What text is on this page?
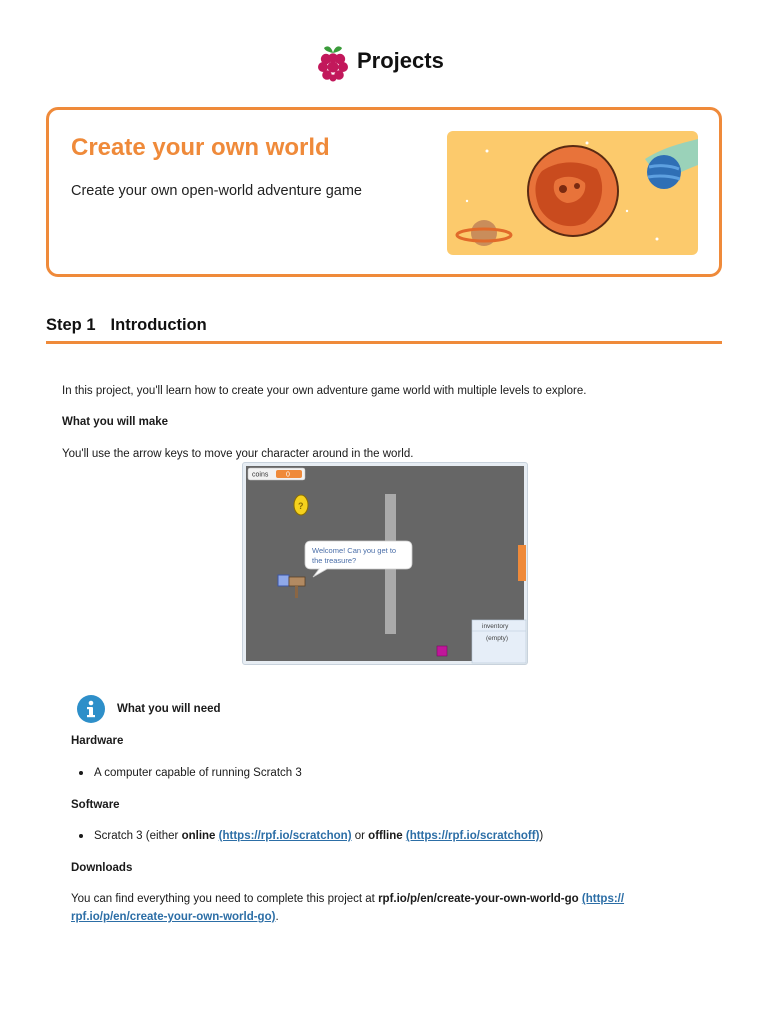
Projects
Create your own world
Create your own open-world adventure game
Step 1 Introduction
In this project, you'll learn how to create your own adventure game world with multiple levels to explore.
What you will make
You'll use the arrow keys to move your character around in the world.
coins	0
?
Welcome! Can you get to
the treasure?
inventory
(empty)
What you will need
Hardware
A computer capable of running Scratch 3
Software
Scratch 3 (either online (https://rpf.io/scratchon) or offline (https://rpf.io/scratchoff))
Downloads
You can find everything you need to complete this project at rpf.io/p/en/create-your-own-world-go (https://
rpf.io/p/en/create-your-own-world-go).
